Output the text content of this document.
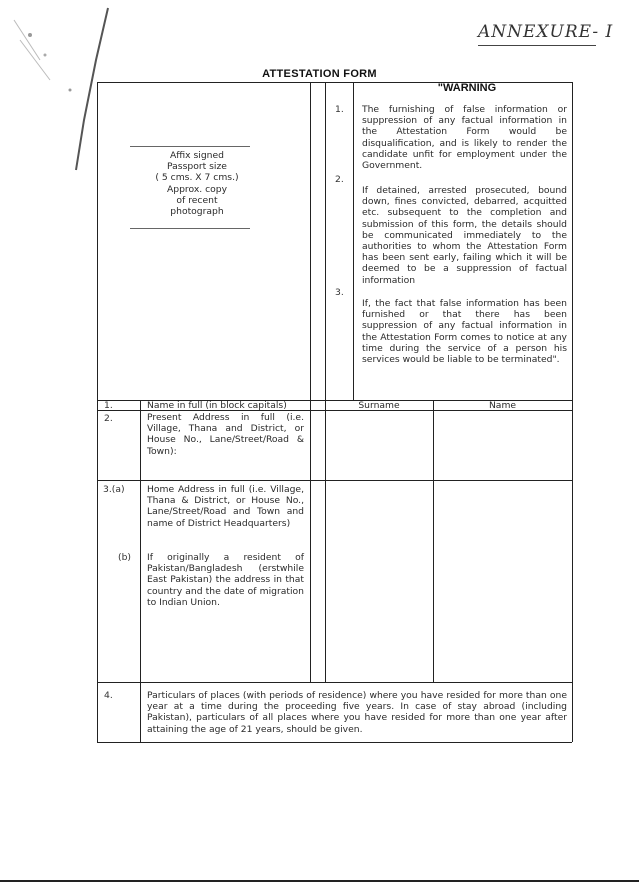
ANNEXURE- I
ATTESTATION FORM
Affix signed
Passport size
( 5 cms. X 7 cms.)
Approx. copy
of recent
photograph
"WARNING
1. The furnishing of false information or suppression of any factual information in the Attestation Form would be disqualification, and is likely to render the candidate unfit for employment under the Government.
2.
If detained, arrested prosecuted, bound down, fines convicted, debarred, acquitted etc. subsequent to the completion and submission of this form, the details should be communicated immediately to the authorities to whom the Attestation Form has been sent early, failing which it will be deemed to be a suppression of factual information
3.
If, the fact that false information has been furnished or that there has been suppression of any factual information in the Attestation Form comes to notice at any time during the service of a person his services would be liable to be terminated".
1.	Name in full (in block capitals)	Surname	Name
2.	Present Address in full (i.e. Village, Thana and District, or House No., Lane/Street/Road & Town):
3.(a) Home Address in full (i.e. Village, Thana & District, or House No., Lane/Street/Road and Town and name of District Headquarters)
(b) If originally a resident of Pakistan/Bangladesh (erstwhile East Pakistan) the address in that country and the date of migration to Indian Union.
4.	Particulars of places (with periods of residence) where you have resided for more than one year at a time during the proceeding five years. In case of stay abroad (including Pakistan), particulars of all places where you have resided for more than one year after attaining the age of 21 years, should be given.
